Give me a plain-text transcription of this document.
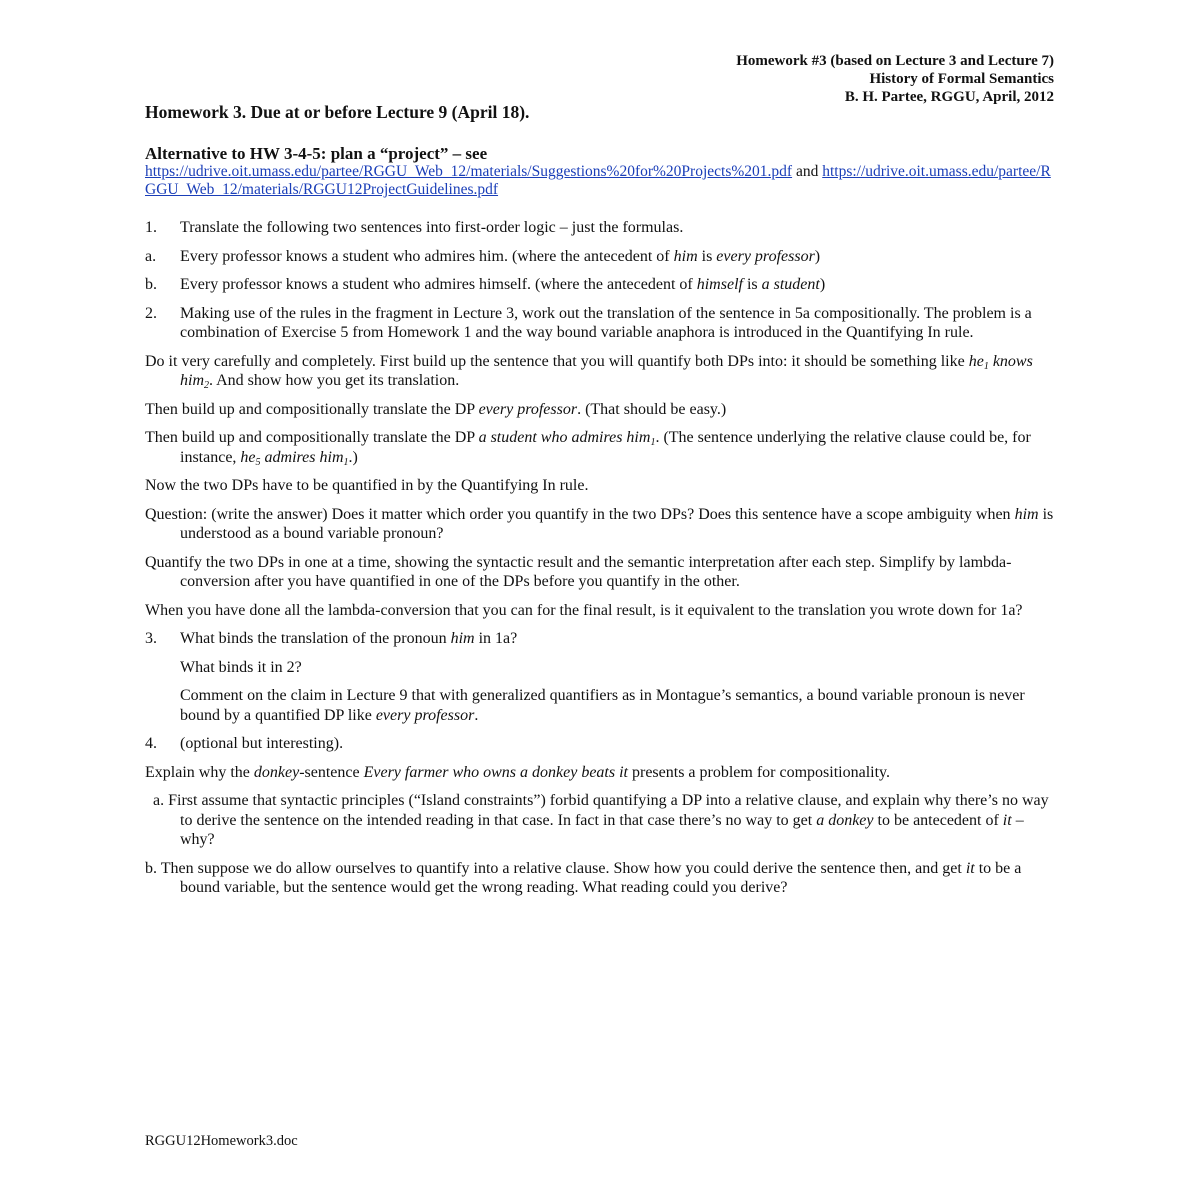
Homework #3 (based on Lecture 3 and Lecture 7)
History of Formal Semantics
B. H. Partee, RGGU, April, 2012
Homework 3. Due at or before Lecture 9 (April 18).
Alternative to HW 3-4-5: plan a “project” – see
https://udrive.oit.umass.edu/partee/RGGU_Web_12/materials/Suggestions%20for%20Projects%201.pdf and https://udrive.oit.umass.edu/partee/RGGU_Web_12/materials/RGGU12ProjectGuidelines.pdf
1. Translate the following two sentences into first-order logic – just the formulas.
a. Every professor knows a student who admires him. (where the antecedent of him is every professor)
b. Every professor knows a student who admires himself. (where the antecedent of himself is a student)
2. Making use of the rules in the fragment in Lecture 3, work out the translation of the sentence in 5a compositionally. The problem is a combination of Exercise 5 from Homework 1 and the way bound variable anaphora is introduced in the Quantifying In rule.
Do it very carefully and completely. First build up the sentence that you will quantify both DPs into: it should be something like $he_1$ knows him$_2$. And show how you get its translation.
Then build up and compositionally translate the DP every professor. (That should be easy.)
Then build up and compositionally translate the DP a student who admires him$_1$. (The sentence underlying the relative clause could be, for instance, $he_5$ admires him$_1$.)
Now the two DPs have to be quantified in by the Quantifying In rule.
Question: (write the answer) Does it matter which order you quantify in the two DPs? Does this sentence have a scope ambiguity when him is understood as a bound variable pronoun?
Quantify the two DPs in one at a time, showing the syntactic result and the semantic interpretation after each step. Simplify by lambda-conversion after you have quantified in one of the DPs before you quantify in the other.
When you have done all the lambda-conversion that you can for the final result, is it equivalent to the translation you wrote down for 1a?
3. What binds the translation of the pronoun him in 1a?
What binds it in 2?
Comment on the claim in Lecture 9 that with generalized quantifiers as in Montague’s semantics, a bound variable pronoun is never bound by a quantified DP like every professor.
4. (optional but interesting).
Explain why the donkey-sentence Every farmer who owns a donkey beats it presents a problem for compositionality.
a. First assume that syntactic principles (“Island constraints”) forbid quantifying a DP into a relative clause, and explain why there’s no way to derive the sentence on the intended reading in that case. In fact in that case there’s no way to get a donkey to be antecedent of it – why?
b. Then suppose we do allow ourselves to quantify into a relative clause. Show how you could derive the sentence then, and get it to be a bound variable, but the sentence would get the wrong reading. What reading could you derive?
RGGU12Homework3.doc
